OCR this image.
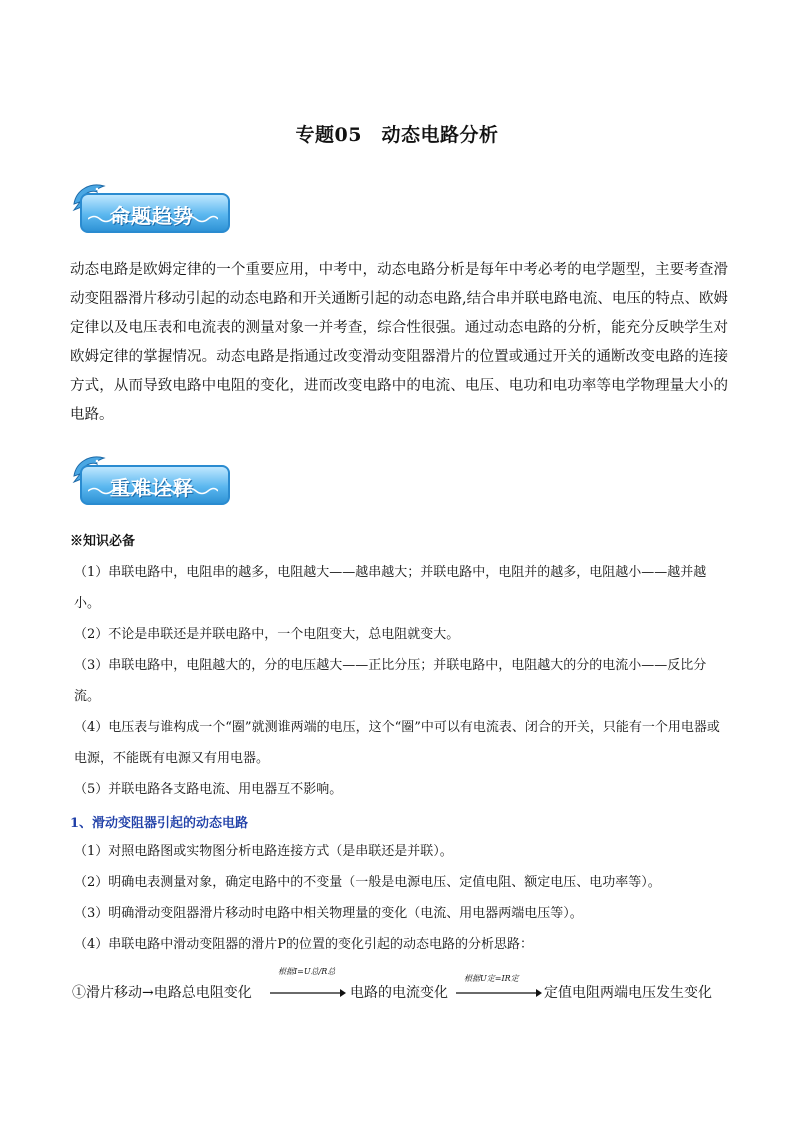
专题05　动态电路分析
命题趋势
动态电路是欧姆定律的一个重要应用，中考中，动态电路分析是每年中考必考的电学题型，主要考查滑动变阻器滑片移动引起的动态电路和开关通断引起的动态电路,结合串并联电路电流、电压的特点、欧姆定律以及电压表和电流表的测量对象一并考查，综合性很强。通过动态电路的分析，能充分反映学生对欧姆定律的掌握情况。动态电路是指通过改变滑动变阻器滑片的位置或通过开关的通断改变电路的连接方式，从而导致电路中电阻的变化，进而改变电路中的电流、电压、电功和电功率等电学物理量大小的电路。
重难诠释
※知识必备
（1）串联电路中，电阻串的越多，电阻越大——越串越大；并联电路中，电阻并的越多，电阻越小——越并越小。
（2）不论是串联还是并联电路中，一个电阻变大，总电阻就变大。
（3）串联电路中，电阻越大的，分的电压越大——正比分压；并联电路中，电阻越大的分的电流小——反比分流。
（4）电压表与谁构成一个“圈”就测谁两端的电压，这个“圈”中可以有电流表、闭合的开关，只能有一个用电器或电源，不能既有电源又有用电器。
（5）并联电路各支路电流、用电器互不影响。
1、滑动变阻器引起的动态电路
（1）对照电路图或实物图分析电路连接方式（是串联还是并联）。
（2）明确电表测量对象，确定电路中的不变量（一般是电源电压、定值电阻、额定电压、电功率等）。
（3）明确滑动变阻器滑片移动时电路中相关物理量的变化（电流、用电器两端电压等）。
（4）串联电路中滑动变阻器的滑片P的位置的变化引起的动态电路的分析思路：
①滑片移动→电路总电阻变化
根据I=U总/R总
电路的电流变化
根据U定=IR定
定值电阻两端电压发生变化
